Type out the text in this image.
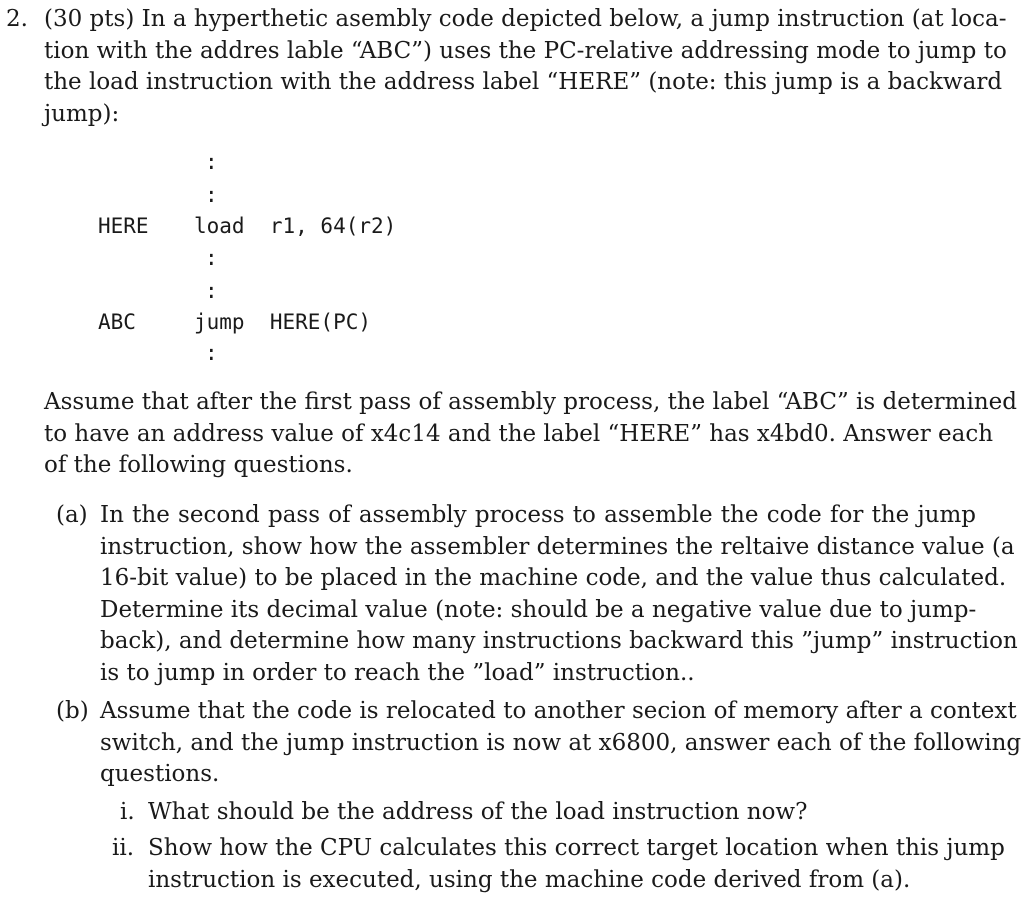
2. (30 pts) In a hyperthetic asembly code depicted below, a jump instruction (at loca-
tion with the addres lable “ABC”) uses the PC-relative addressing mode to jump to
the load instruction with the address label “HERE” (note: this jump is a backward
jump):
:
:
HERE load  r1, 64(r2)
:
:
ABC	jump  HERE(PC)
:
Assume that after the first pass of assembly process, the label “ABC” is determined
to have an address value of x4c14 and the label “HERE” has x4bd0. Answer each
of the following questions.
(a) In the second pass of assembly process to assemble the code for the jump
instruction, show how the assembler determines the reltaive distance value (a
16-bit value) to be placed in the machine code, and the value thus calculated.
Determine its decimal value (note: should be a negative value due to jump-
back), and determine how many instructions backward this ”jump” instruction
is to jump in order to reach the ”load” instruction..
(b) Assume that the code is relocated to another secion of memory after a context
switch, and the jump instruction is now at x6800, answer each of the following
questions.
i. What should be the address of the load instruction now?
ii. Show how the CPU calculates this correct target location when this jump
instruction is executed, using the machine code derived from (a).
